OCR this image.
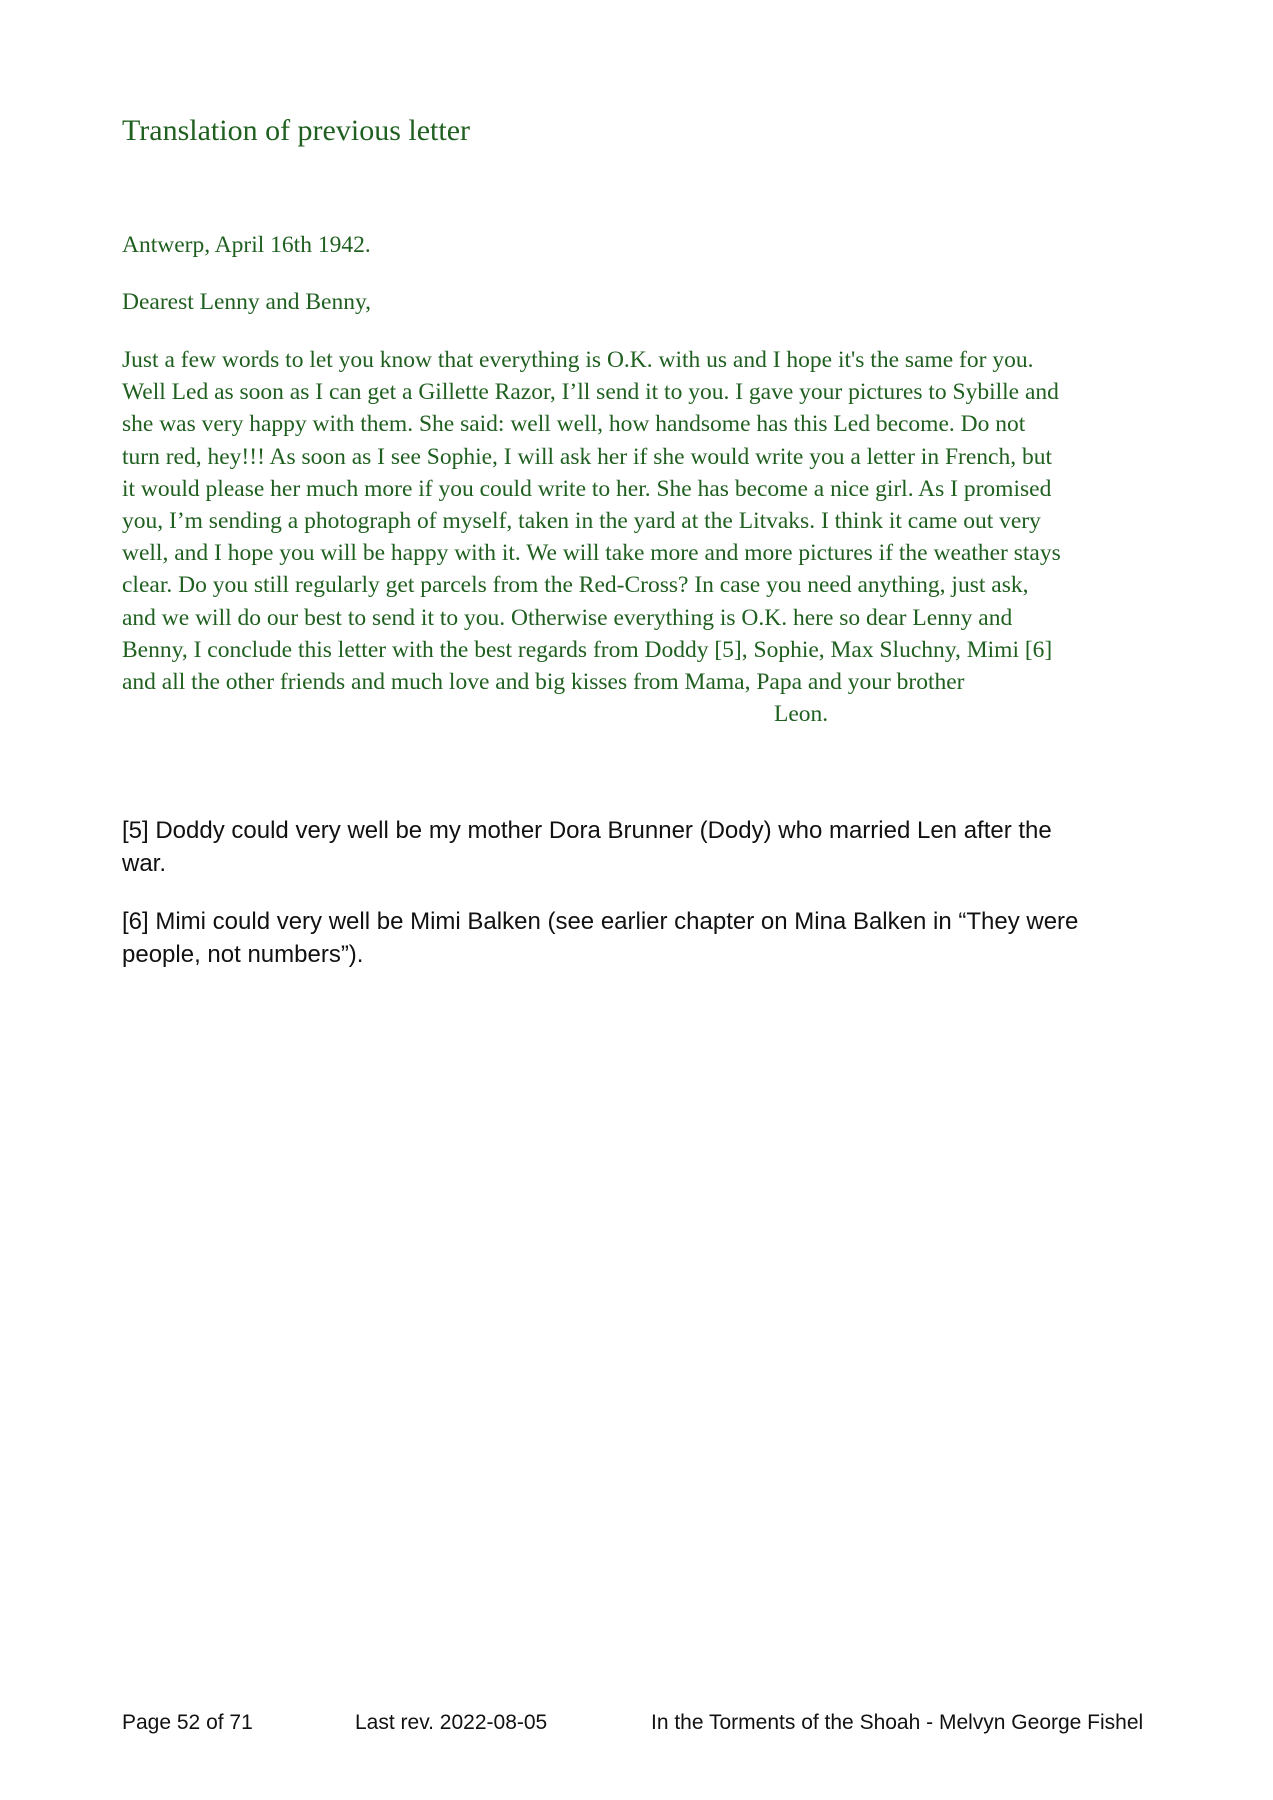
Translation of previous letter
Antwerp, April 16th 1942.
Dearest Lenny and Benny,
Just a few words to let you know that everything is O.K. with us and I hope it's the same for you.
Well Led as soon as I can get a Gillette Razor, I’ll send it to you. I gave your pictures to Sybille and
she was very happy with them. She said: well well, how handsome has this Led become. Do not
turn red, hey!!! As soon as I see Sophie, I will ask her if she would write you a letter in French, but
it would please her much more if you could write to her. She has become a nice girl. As I promised
you, I’m sending a photograph of myself, taken in the yard at the Litvaks. I think it came out very
well, and I hope you will be happy with it. We will take more and more pictures if the weather stays
clear. Do you still regularly get parcels from the Red-Cross? In case you need anything, just ask,
and we will do our best to send it to you. Otherwise everything is O.K. here so dear Lenny and
Benny, I conclude this letter with the best regards from Doddy [5], Sophie, Max Sluchny, Mimi [6]
and all the other friends and much love and big kisses from Mama, Papa and your brother
Leon.
[5] Doddy could very well be my mother Dora Brunner (Dody) who married Len after the
war.
[6] Mimi could very well be Mimi Balken (see earlier chapter on Mina Balken in “They were
people, not numbers”).
Page 52 of 71	Last rev. 2022-08-05	In the Torments of the Shoah - Melvyn George Fishel
